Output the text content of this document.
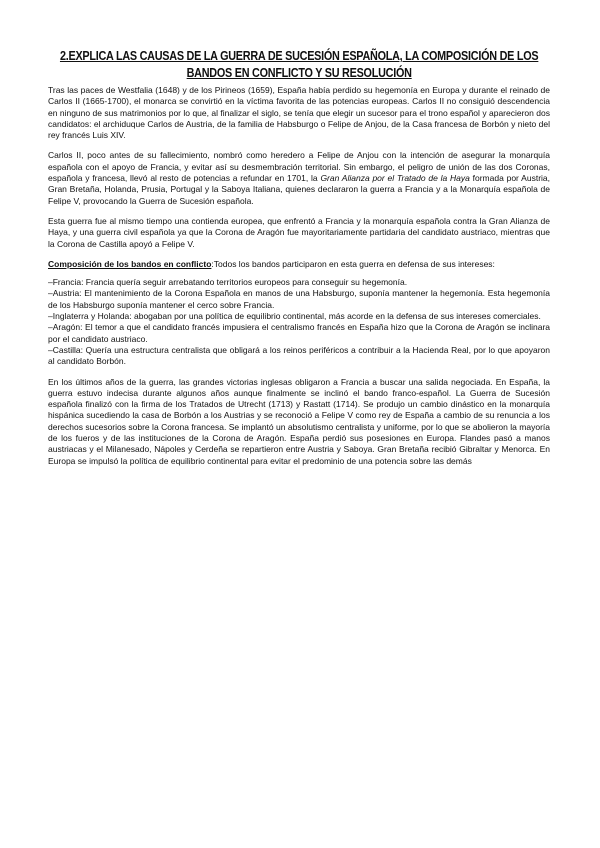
2.EXPLICA LAS CAUSAS DE LA GUERRA DE SUCESIÓN ESPAÑOLA, LA COMPOSICIÓN DE LOS BANDOS EN CONFLICTO Y SU RESOLUCIÓN

Tras las paces de Westfalia (1648) y de los Pirineos (1659), España había perdido su hegemonía en Europa y durante el reinado de Carlos II (1665-1700), el monarca se convirtió en la víctima favorita de las potencias europeas. Carlos II no consiguió descendencia en ninguno de sus matrimonios por lo que, al finalizar el siglo, se tenía que elegir un sucesor para el trono español y aparecieron dos candidatos: el archiduque Carlos de Austria, de la familia de Habsburgo o Felipe de Anjou, de la Casa francesa de Borbón y nieto del rey francés Luis XIV.

Carlos II, poco antes de su fallecimiento, nombró como heredero a Felipe de Anjou con la intención de asegurar la monarquía española con el apoyo de Francia, y evitar así su desmembración territorial. Sin embargo, el peligro de unión de las dos Coronas, española y francesa, llevó al resto de potencias a refundar en 1701, la Gran Alianza por el Tratado de la Haya formada por Austria, Gran Bretaña, Holanda, Prusia, Portugal y la Saboya Italiana, quienes declararon la guerra a Francia y a la Monarquía española de Felipe V, provocando la Guerra de Sucesión española.

Esta guerra fue al mismo tiempo una contienda europea, que enfrentó a Francia y la monarquía española contra la Gran Alianza de Haya, y una guerra civil española ya que la Corona de Aragón fue mayoritariamente partidaria del candidato austriaco, mientras que la Corona de Castilla apoyó a Felipe V.

Composición de los bandos en conflicto:Todos los bandos participaron en esta guerra en defensa de sus intereses:

–Francia: Francia quería seguir arrebatando territorios europeos para conseguir su hegemonía.

–Austria: El mantenimiento de la Corona Española en manos de una Habsburgo, suponía mantener la hegemonía. Esta hegemonía de los Habsburgo suponía mantener el cerco sobre Francia.

–Inglaterra y Holanda: abogaban por una política de equilibrio continental, más acorde en la defensa de sus intereses comerciales.

–Aragón: El temor a que el candidato francés impusiera el centralismo francés en España hizo que la Corona de Aragón se inclinara por el candidato austriaco.

–Castilla: Quería una estructura centralista que obligará a los reinos periféricos a contribuir a la Hacienda Real, por lo que apoyaron al candidato Borbón.

En los últimos años de la guerra, las grandes victorias inglesas obligaron a Francia a buscar una salida negociada. En España, la guerra estuvo indecisa durante algunos años aunque finalmente se inclinó el bando franco-español. La Guerra de Sucesión española finalizó con la firma de los Tratados de Utrecht (1713) y Rastatt (1714). Se produjo un cambio dinástico en la monarquía hispánica sucediendo la casa de Borbón a los Austrias y se reconoció a Felipe V como rey de España a cambio de su renuncia a los derechos sucesorios sobre la Corona francesa. Se implantó un absolutismo centralista y uniforme, por lo que se abolieron la mayoría de los fueros y de las instituciones de la Corona de Aragón. España perdió sus posesiones en Europa. Flandes pasó a manos austriacas y el Milanesado, Nápoles y Cerdeña se repartieron entre Austria y Saboya. Gran Bretaña recibió Gibraltar y Menorca. En Europa se impulsó la política de equilibrio continental para evitar el predominio de una potencia sobre las demás
